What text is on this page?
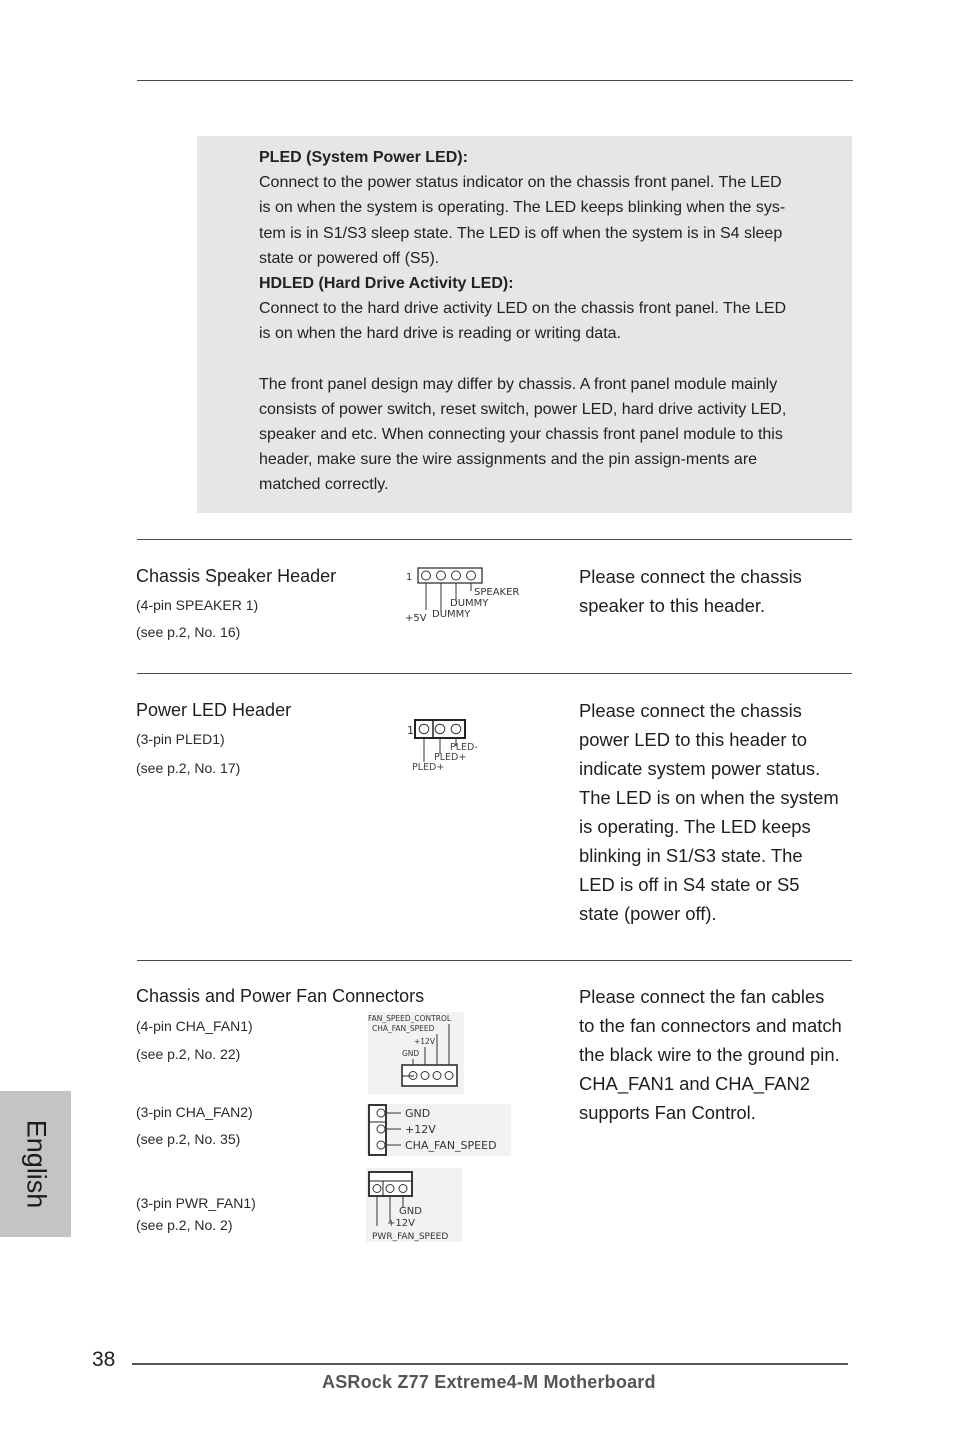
PLED (System Power LED):
Connect to the power status indicator on the chassis front panel. The LED
is on when the system is operating. The LED keeps blinking when the sys-
tem is in S1/S3 sleep state. The LED is off when the system is in S4 sleep
state or powered off (S5).
HDLED (Hard Drive Activity LED):
Connect to the hard drive activity LED on the chassis front panel. The LED
is on when the hard drive is reading or writing data.
The front panel design may differ by chassis. A front panel module mainly
consists of power switch, reset switch, power LED, hard drive activity LED,
speaker and etc. When connecting your chassis front panel module to this
header, make sure the wire assignments and the pin assign-ments are
matched correctly.
Chassis Speaker Header
(4-pin SPEAKER 1)
(see p.2, No. 16)
Please connect the chassis
speaker to this header.
1
SPEAKER
DUMMY
+5V DUMMY
Power LED Header
(3-pin PLED1)
(see p.2, No. 17)
Please connect the chassis
power LED to this header to
indicate system power status.
The LED is on when the system
is operating. The LED keeps
blinking in S1/S3 state. The
LED is off in S4 state or S5
state (power off).
1
PLED-
PLED+
PLED+
Chassis and Power Fan Connectors
(4-pin CHA_FAN1)
(see p.2, No. 22)
(3-pin CHA_FAN2)
(see p.2, No. 35)
(3-pin PWR_FAN1)
(see p.2, No. 2)
Please connect the fan cables
to the fan connectors and match
the black wire to the ground pin.
CHA_FAN1 and CHA_FAN2
supports Fan Control.
FAN_SPEED_CONTROL
CHA_FAN_SPEED
+12V
GND
GND
+12V
CHA_FAN_SPEED
GND
+12V
PWR_FAN_SPEED
English
38
ASRock Z77 Extreme4-M Motherboard
